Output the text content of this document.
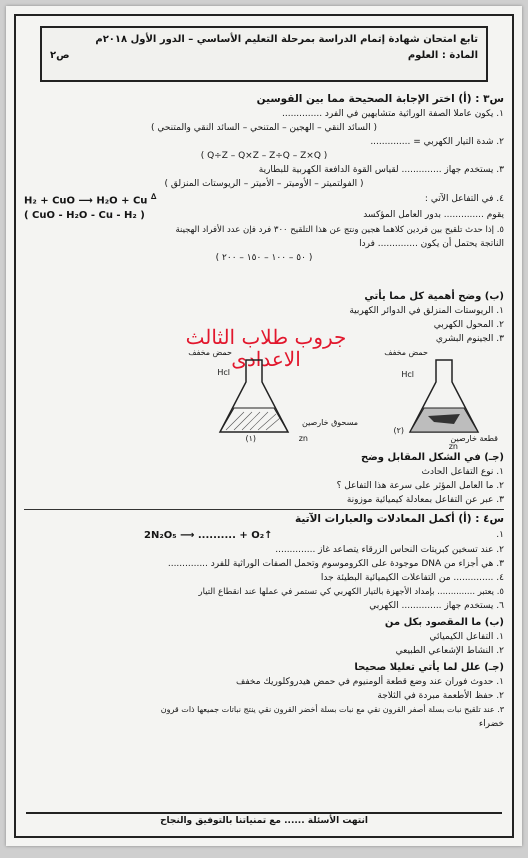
تابع امتحان شهادة إتمام الدراسة بمرحلة التعليم الأساسي – الدور الأول ٢٠١٨م
المادة : العلوم
ص٢
جروب طلاب الثالث الاعدادى
س٣ : (أ) اختر الإجابة الصحيحة مما بين القوسين
١. يكون عاملا الصفة الوراثية متشابهين في الفرد ..............
( السائد النقي – الهجين – المتنحي – السائد النقي والمتنحي )
٢. شدة التيار الكهربي = ..............
( Q÷Z – Q×Z – Z÷Q – Z×Q )
٣. يستخدم جهاز .............. لقياس القوة الدافعة الكهربية للبطارية
( الفولتميتر – الأوميتر – الأميتر – الريوستات المنزلق )
٤. في التفاعل الآتي :
H₂ + CuO ⟶ H₂O + Cu ∆
يقوم .............. بدور العامل المؤكسد
( CuO - H₂O - Cu - H₂ )
٥. إذا حدث تلقيح بين فردين كلاهما هجين ونتج عن هذا التلقيح ٣٠٠ فرد فإن عدد الأفراد الهجينة
الناتجة يحتمل أن يكون .............. فردا
( ٥٠ – ١٠٠ – ١٥٠ – ٢٠٠ )
(ب) وضح أهمية كل مما يأتي
١. الريوستات المنزلق في الدوائر الكهربية
٢. المحول الكهربي
٣. الجينوم البشري
حمض مخفف
Hcl
(٢)
قطعة خارصين
zn
حمض مخفف
Hcl
(١)
مسحوق خارصين
zn
(جـ) في الشكل المقابل وضح
١. نوع التفاعل الحادث
٢. ما العامل المؤثر على سرعة هذا التفاعل ؟
٣. عبر عن التفاعل بمعادلة كيميائية موزونة
س٤ : (أ) أكمل المعادلات والعبارات الآتية
١.
2N₂O₅ ⟶ .......... + O₂↑
٢. عند تسخين كبريتات النحاس الزرقاء يتصاعد غاز ..............
٣. هي أجزاء من DNA موجودة على الكروموسوم وتحمل الصفات الوراثية للفرد ..............
٤. .............. من التفاعلات الكيميائية البطيئة جدا
٥. يعتبر .............. بإمداد الأجهزة بالتيار الكهربي كي تستمر في عملها عند انقطاع التيار
٦. يستخدم جهاز .............. الكهربي
(ب) ما المقصود بكل من
١. التفاعل الكيميائي
٢. النشاط الإشعاعي الطبيعي
(جـ) علل لما يأتي تعليلا صحيحا
١. حدوث فوران عند وضع قطعة ألومنيوم في حمض هيدروكلوريك مخفف
٢. حفظ الأطعمة مبردة في الثلاجة
٣. عند تلقيح نبات بسلة أصفر القرون نقي مع نبات بسلة أخضر القرون نقي ينتج نباتات جميعها ذات قرون
خضراء
انتهت الأسئلة ...... مع تمنياتنا بالتوفيق والنجاح
